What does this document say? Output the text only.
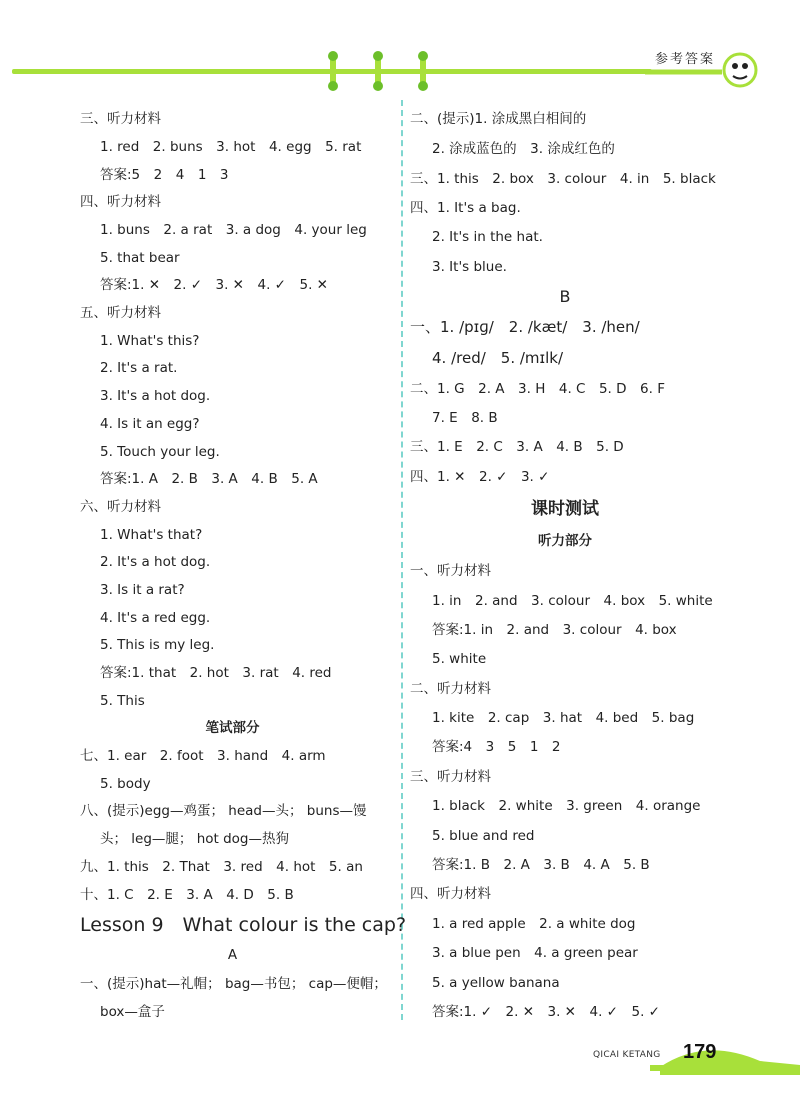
参考答案
三、听力材料
1. red　2. buns　3. hot　4. egg　5. rat
答案:5　2　4　1　3
四、听力材料
1. buns　2. a rat　3. a dog　4. your leg
5. that bear
答案:1. ✕　2. ✓　3. ✕　4. ✓　5. ✕
五、听力材料
1. What's this?
2. It's a rat.
3. It's a hot dog.
4. Is it an egg?
5. Touch your leg.
答案:1. A　2. B　3. A　4. B　5. A
六、听力材料
1. What's that?
2. It's a hot dog.
3. Is it a rat?
4. It's a red egg.
5. This is my leg.
答案:1. that　2. hot　3. rat　4. red
5. This
笔试部分
七、1. ear　2. foot　3. hand　4. arm
5. body
八、(提示)egg—鸡蛋； head—头； buns—馒
头； leg—腿； hot dog—热狗
九、1. this　2. That　3. red　4. hot　5. an
十、1. C　2. E　3. A　4. D　5. B
Lesson 9　What colour is the cap?
A
一、(提示)hat—礼帽； bag—书包； cap—便帽；
box—盒子
二、(提示)1. 涂成黑白相间的
2. 涂成蓝色的　3. 涂成红色的
三、1. this　2. box　3. colour　4. in　5. black
四、1. It's a bag.
2. It's in the hat.
3. It's blue.
B
一、1. /pɪɡ/　2. /kæt/　3. /hen/
4. /red/　5. /mɪlk/
二、1. G　2. A　3. H　4. C　5. D　6. F
7. E　8. B
三、1. E　2. C　3. A　4. B　5. D
四、1. ✕　2. ✓　3. ✓
课时测试
听力部分
一、听力材料
1. in　2. and　3. colour　4. box　5. white
答案:1. in　2. and　3. colour　4. box
5. white
二、听力材料
1. kite　2. cap　3. hat　4. bed　5. bag
答案:4　3　5　1　2
三、听力材料
1. black　2. white　3. green　4. orange
5. blue and red
答案:1. B　2. A　3. B　4. A　5. B
四、听力材料
1. a red apple　2. a white dog
3. a blue pen　4. a green pear
5. a yellow banana
答案:1. ✓　2. ✕　3. ✕　4. ✓　5. ✓
QICAI KETANG 179
